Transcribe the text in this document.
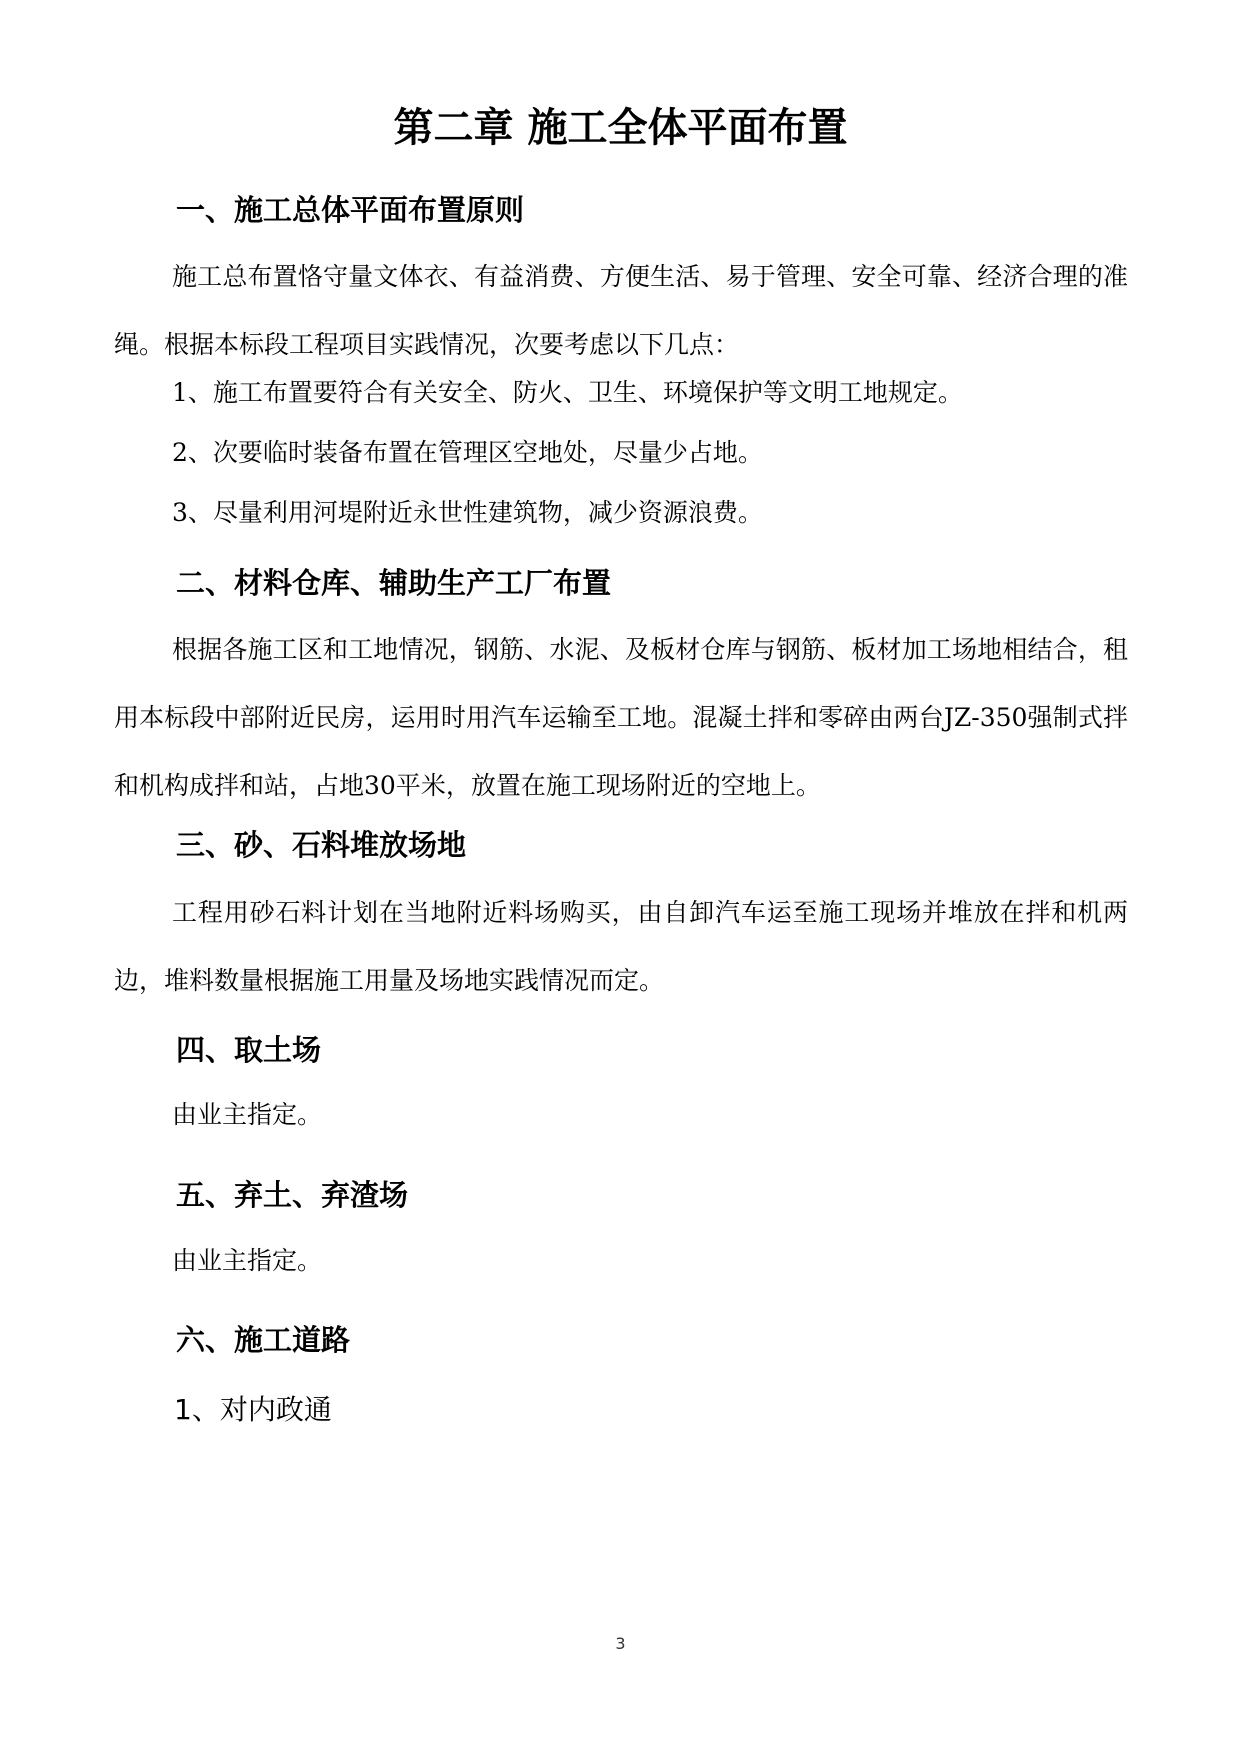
第二章 施工全体平面布置
一、施工总体平面布置原则

施工总布置恪守量文体衣、有益消费、方便生活、易于管理、安全可靠、经济合理的准绳。根据本标段工程项目实践情况，次要考虑以下几点：

1、施工布置要符合有关安全、防火、卫生、环境保护等文明工地规定。

2、次要临时装备布置在管理区空地处，尽量少占地。

3、尽量利用河堤附近永世性建筑物，减少资源浪费。

二、材料仓库、辅助生产工厂布置

根据各施工区和工地情况，钢筋、水泥、及板材仓库与钢筋、板材加工场地相结合，租用本标段中部附近民房，运用时用汽车运输至工地。混凝土拌和零碎由两台JZ-350强制式拌和机构成拌和站，占地30平米，放置在施工现场附近的空地上。

三、砂、石料堆放场地

工程用砂石料计划在当地附近料场购买，由自卸汽车运至施工现场并堆放在拌和机两边，堆料数量根据施工用量及场地实践情况而定。

四、取土场

由业主指定。

五、弃土、弃渣场

由业主指定。

六、施工道路

1、对内政通

3
